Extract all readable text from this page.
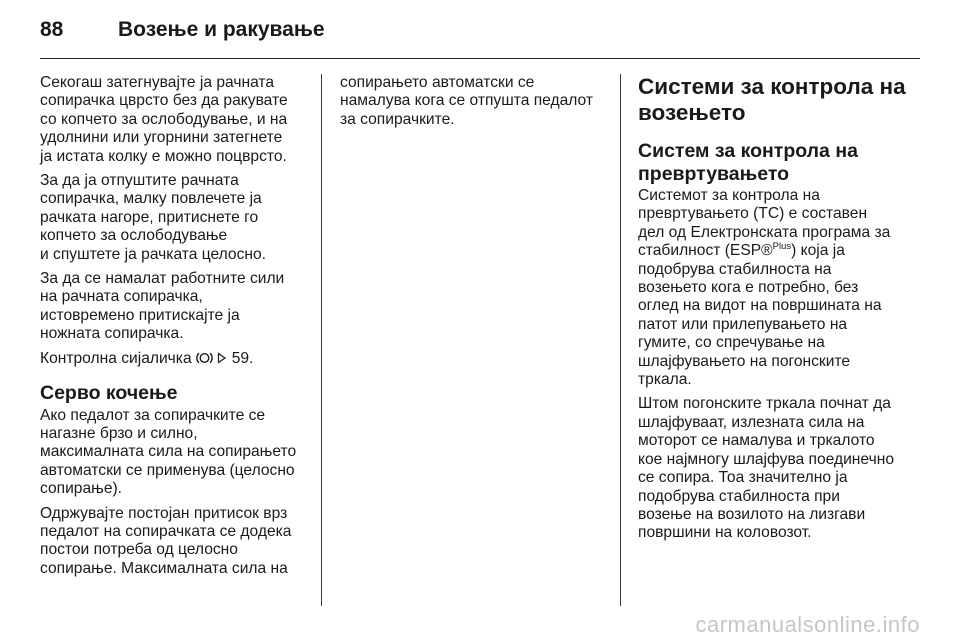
88	Возење и ракување

Секогаш затегнувајте ја рачната
сопирачка цврсто без да ракувате
со копчето за ослободување, и на
удолнини или угорнини затегнете
ја истата колку е можно поцврсто.

За да ја отпуштите рачната
сопирачка, малку повлечете ја
рачката нагоре, притиснете го
копчето за ослободување
и спуштете ја рачката целосно.

За да се намалат работните сили
на рачната сопирачка,
истовремено притискајте ја
ножната сопирачка.

Контролна сијаличка	59.

Серво кочење

Ако педалот за сопирачките се
нагазне брзо и силно,
максималната сила на сопирањето
автоматски се применува (целосно
сопирање).

Одржувајте постојан притисок врз
педалот на сопирачката се додека
постои потреба од целосно
сопирање. Максималната сила на

сопирањето автоматски се
намалува кога се отпушта педалот
за сопирачките.

Системи за контрола на
возењето
Систем за контрола на
превртувањето

Системот за контрола на
превртувањето (TC) е составен
дел од Електронската програма за
стабилност (ESP®$^{Plus}$) која ја
подобрува стабилноста на
возењето кога е потребно, без
оглед на видот на површината на
патот или прилепувањето на
гумите, со спречување на
шлајфувањето на погонските
тркала.

Штом погонските тркала почнат да
шлајфуваат, излезната сила на
моторот се намалува и тркалото
кое најмногу шлајфува поединечно
се сопира. Тоа значително ја
подобрува стабилноста при
возење на возилото на лизгави
површини на коловозот.

carmanualsonline.info
